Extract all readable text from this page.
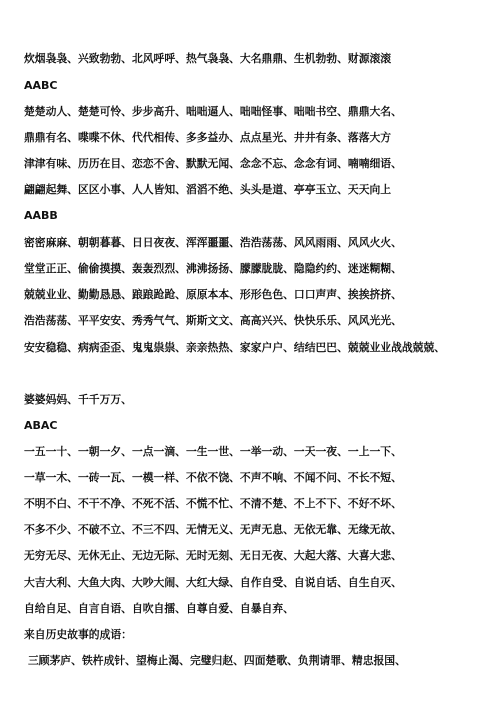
炊烟袅袅、兴致勃勃、北风呼呼、热气袅袅、大名鼎鼎、生机勃勃、财源滚滚
AABC
楚楚动人、楚楚可怜、步步高升、咄咄逼人、咄咄怪事、咄咄书空、鼎鼎大名、
鼎鼎有名、喋喋不休、代代相传、多多益办、点点星光、井井有条、落落大方
津津有味、历历在目、恋恋不舍、默默无闻、念念不忘、念念有词、喃喃细语、
翩翩起舞、区区小事、人人皆知、滔滔不绝、头头是道、亭亭玉立、天天向上
AABB
密密麻麻、朝朝暮暮、日日夜夜、浑浑噩噩、浩浩荡荡、风风雨雨、风风火火、
堂堂正正、偷偷摸摸、轰轰烈烈、沸沸扬扬、朦朦胧胧、隐隐约约、迷迷糊糊、
兢兢业业、勤勤恳恳、踉踉跄跄、原原本本、形形色色、口口声声、挨挨挤挤、
浩浩荡荡、平平安安、秀秀气气、斯斯文文、高高兴兴、快快乐乐、风风光光、
安安稳稳、病病歪歪、鬼鬼祟祟、亲亲热热、家家户户、结结巴巴、兢兢业业战战兢兢、
婆婆妈妈、千千万万、
ABAC
一五一十、一朝一夕、一点一滴、一生一世、一举一动、一天一夜、一上一下、
一草一木、一砖一瓦、一模一样、不依不饶、不声不响、不闻不问、不长不短、
不明不白、不干不净、不死不活、不慌不忙、不清不楚、不上不下、不好不坏、
不多不少、不破不立、不三不四、无情无义、无声无息、无依无靠、无缘无故、
无穷无尽、无休无止、无边无际、无时无刻、无日无夜、大起大落、大喜大悲、
大吉大利、大鱼大肉、大吵大闹、大红大绿、自作自受、自说自话、自生自灭、
自给自足、自言自语、自吹自擂、自尊自爱、自暴自弃、
来自历史故事的成语：
三顾茅庐、铁杵成针、望梅止渴、完璧归赵、四面楚歌、负荆请罪、精忠报国、
